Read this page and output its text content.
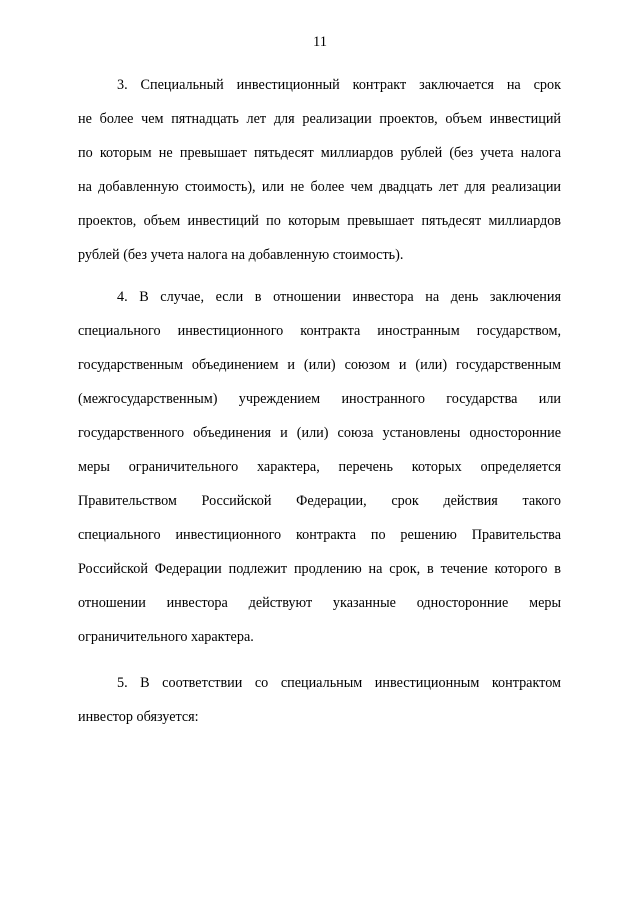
11
3. Специальный инвестиционный контракт заключается на срок
не более чем пятнадцать лет для реализации проектов, объем инвестиций
по которым не превышает пятьдесят миллиардов рублей (без учета налога
на добавленную стоимость), или не более чем двадцать лет для реализации
проектов, объем инвестиций по которым превышает пятьдесят миллиардов
рублей (без учета налога на добавленную стоимость).
4. В случае, если в отношении инвестора на день заключения
специального инвестиционного контракта иностранным государством,
государственным объединением и (или) союзом и (или) государственным
(межгосударственным) учреждением иностранного государства или
государственного объединения и (или) союза установлены односторонние
меры ограничительного характера, перечень которых определяется
Правительством Российской Федерации, срок действия такого
специального инвестиционного контракта по решению Правительства
Российской Федерации подлежит продлению на срок, в течение которого в
отношении инвестора действуют указанные односторонние меры
ограничительного характера.
5. В соответствии со специальным инвестиционным контрактом
инвестор обязуется:
